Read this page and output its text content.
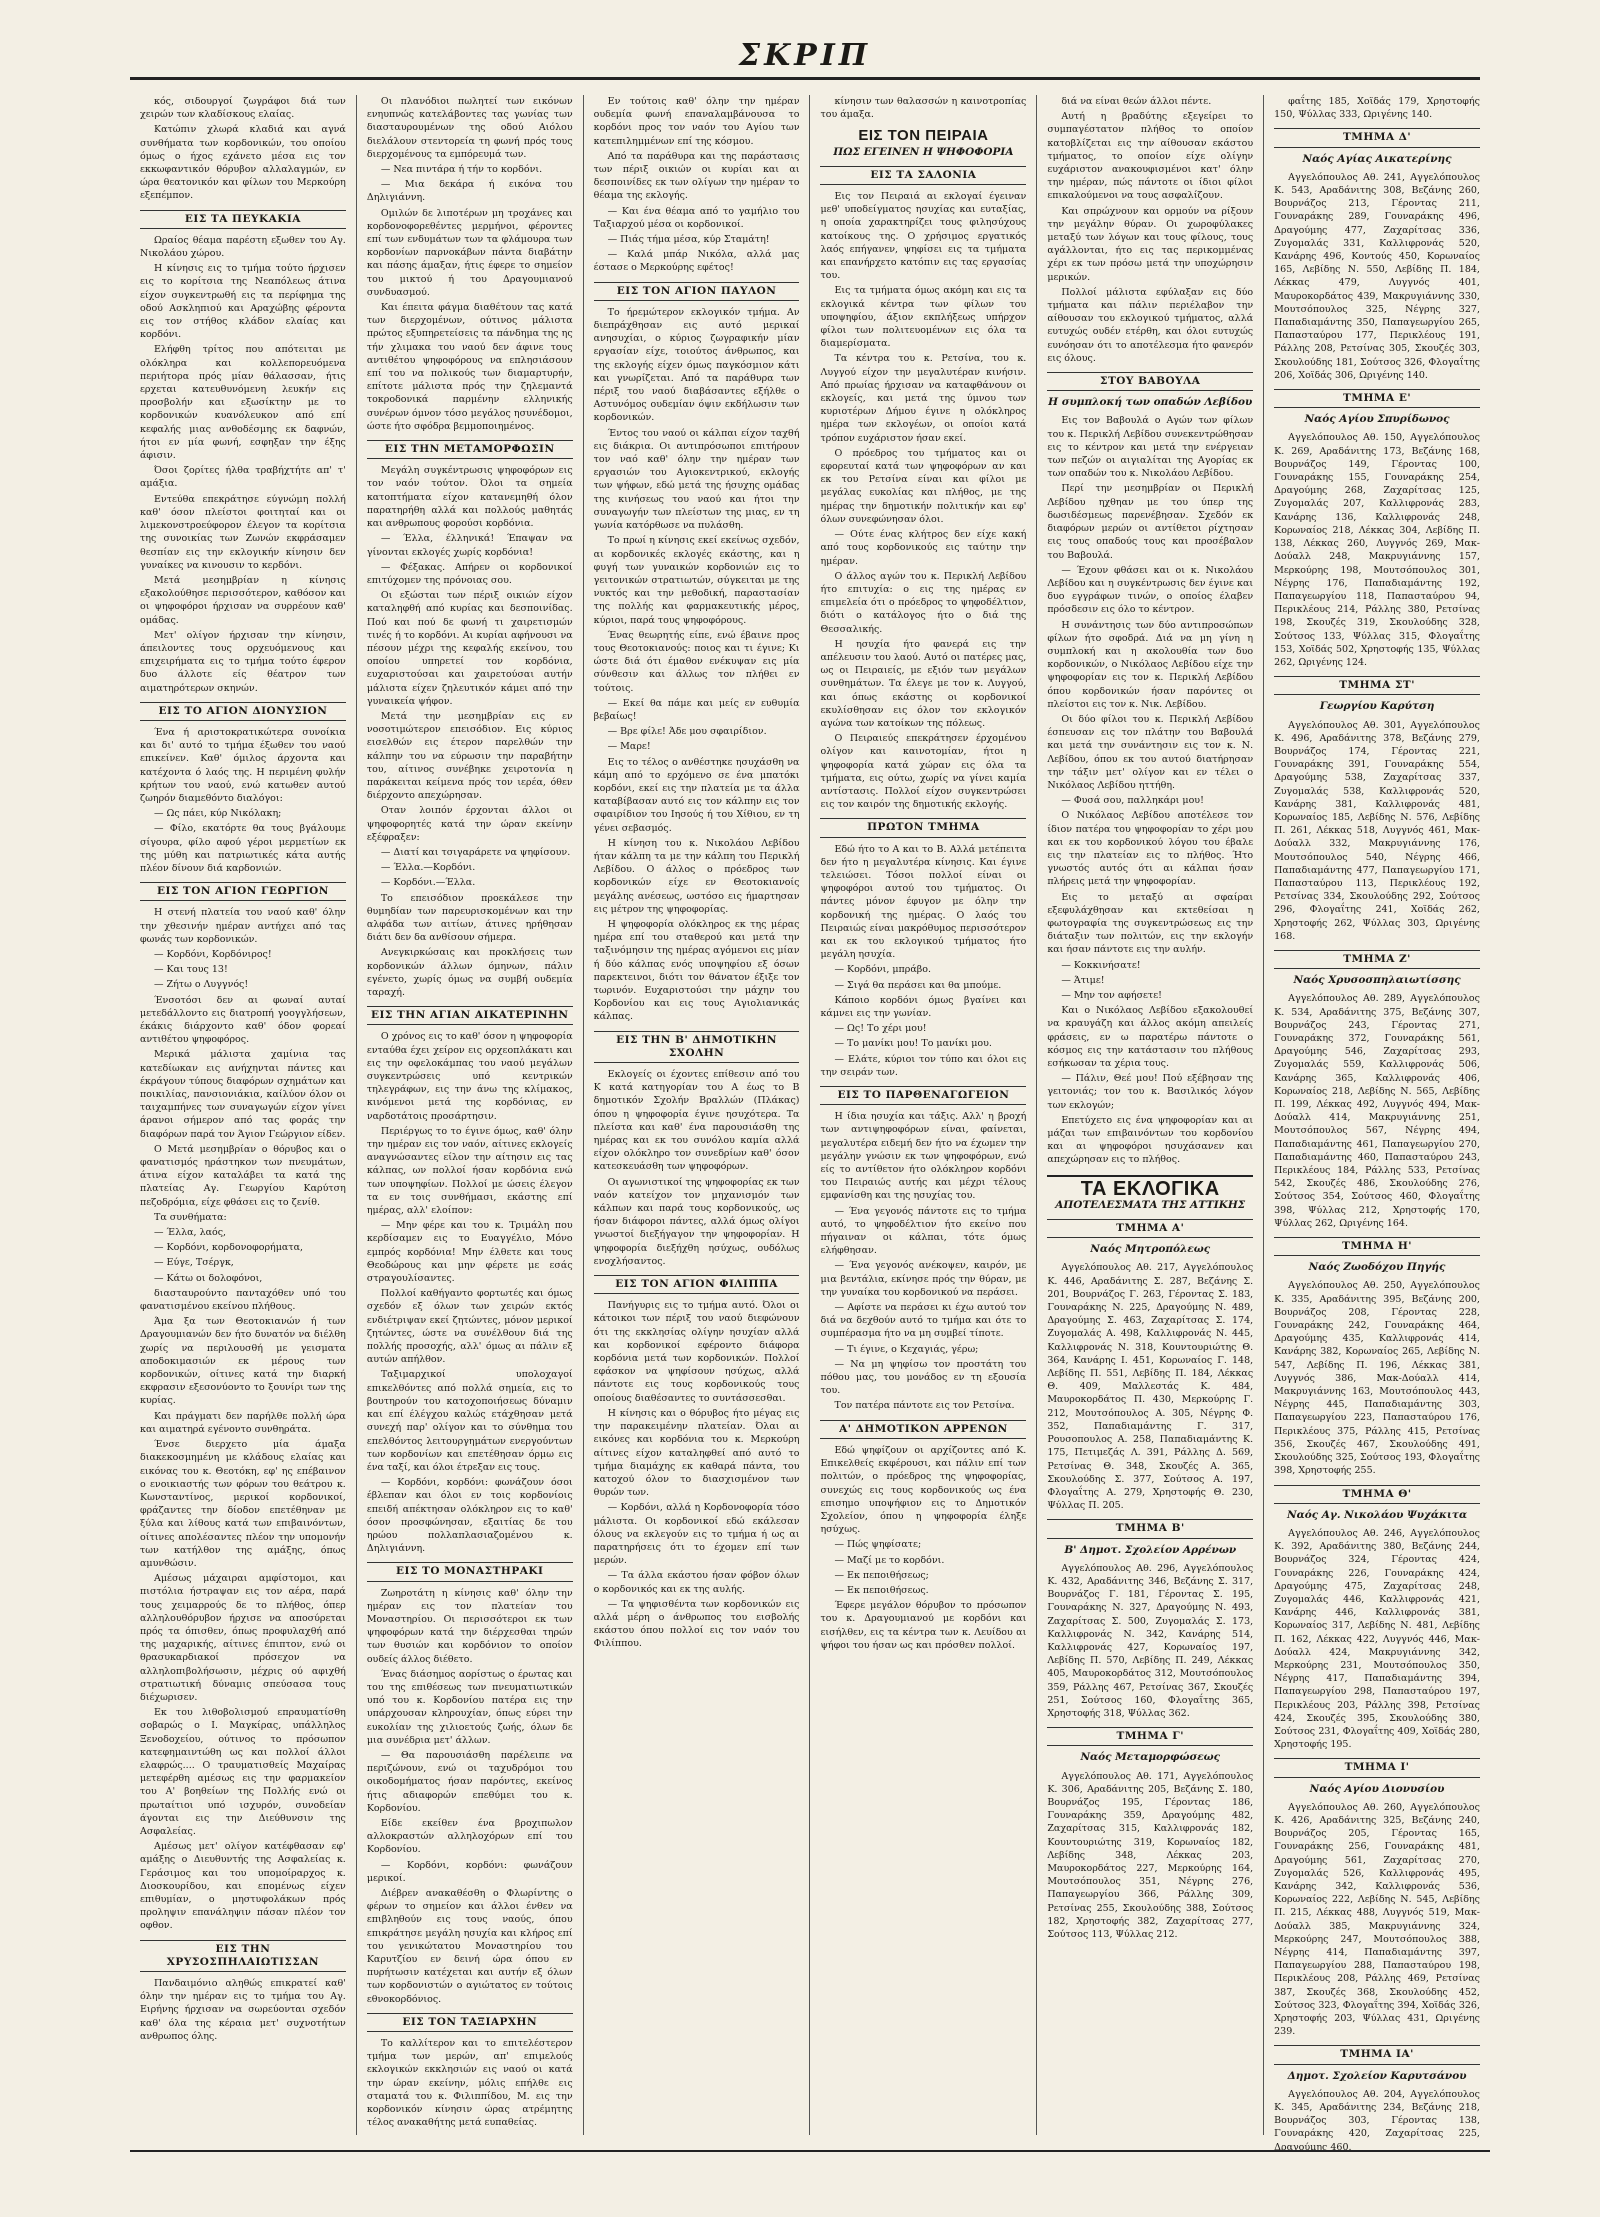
ΣΚΡΙΠ

κός, σιδουργοί ζωγράφοι διά των χειρών των κλαδίσκους ελαίας.

Κατώπιν χλωρά κλαδιά και αγνά συνθήματα των κορδονικών, του οποίου όμως ο ήχος εχάνετο μέσα εις τον εκκωφαντικόν θόρυβον αλλαλαγμών, εν ώρα θεατονικόν και φίλων του Μερκούρη εξεπέμπον.

ΕΙΣ ΤΑ ΠΕΥΚΑΚΙΑ

Ωραίος θέαμα παρέστη εξωθεν του Αγ. Νικολάου χώρου.

Η κίνησις εις το τμήμα τούτο ήρχισεν εις το κορίτσια της Νεαπόλεως άτινα είχον συγκεντρωθή εις τα περίφημα της οδού Ασκληπιού και Αραχώβης φέροντα εις τον στήθος κλάδον ελαίας και κορδόνι.

Ελήφθη τρίτος που απότειται με ολόκληρα και κολλεπορευόμενα περιήτορα πρός μίαν θάλασσαν, ήτις ερχεται κατευθυνόμενη λευκήν εις προσβολήν και εξωσίκτην με το κορδονικών κυανόλευκον από επί κεφαλής μιας ανθοδέσμης εκ δαφνών, ήτοι εν μία φωνή, εσφηξαν την έξης άφισιν.

Όσοι ζορίτες ήλθα τραβήχτήτε απ' τ' αμάξια.

Εντεύθα επεκράτησε εύγνώμη πολλή καθ' όσον πλείστοι φοιτηταί και οι λιμεκονστροεύφορον έλεγον τα κορίτσια της συνοικίας των Ζωνών εκφράσαμεν θεσπίαν εις την εκλογικήν κίνησιν δεν γυναίκες να κινουσιν το κερδόνι.

Μετά μεσημβρίαν η κίνησις εξακολούθησε περισσότερον, καθόσον και οι ψηφοφόροι ήρχισαν να συρρέουν καθ' ομάδας.

Μετ' ολίγον ήρχισαν την κίνησιν, άπειλοντες τους ορχευόμενους και επιχειρήματα εις το τμήμα τούτο έφερον δυο άλλοτε είς θέατρον των αιματηρότερων σκηνών.

ΕΙΣ ΤΟ ΑΓΙΟΝ ΔΙΟΝΥΣΙΟΝ

Ένα ή αριστοκρατικώτερα συνοίκια και δι' αυτό το τμήμα έξωθεν του ναού επικείνεν. Καθ' όμιλος άρχοντα και κατέχοντα ό λαός της. Η περιμένη φυλήν κρήτων του ναού, ενώ κατωθεν αυτού ζωηρόν διαμεθόντο διαλόγοι:

— Ως πάει, κύρ Νικόλακη;

— Φίλο, εκατόρτε θα τους βγάλουμε σίγουρα, φίλο αφού γέροι μερμετίων εκ της μύθη και πατριωτικές κάτα αυτής πλέον δίνουν διά καρδονιών.

ΕΙΣ ΤΟΝ ΑΓΙΟΝ ΓΕΩΡΓΙΟΝ

Η στενή πλατεία του ναού καθ' όλην την χθεσινήν ημέραν αντήχει από τας φωνάς των κορδονικών.

— Κορδόνι, Κορδόνιρος!

— Και τους 13!

— Ζήτω ο Λυγγνός!

Ένσοτόσι δεν αι φωναί αυταί μετεδάλλοντο εις διατροπή γοογγλήσεων, έκάκις διάρχοντο καθ' όδον φορεαί αντιθέτου ψηφοφόρος.

Μερικά μάλιστα χαμίνια τας κατεδίωκαν εις ανήχηνται πάντες και έκράγουν τύπους διαφόρων σχημάτων και ποικιλίας, πανσιονιάκια, καίλύον όλον οι ταιχαμπήνες των συναγωγών είχον γίνει άρανοι σήμερον από τας φοράς την διαφόρων παρά τον Άγιον Γεώργιον είδεν.

Ο Μετά μεσημβρίαν ο θόρυβος και ο φανατισμός ηράστηκον των πνευμάτων, άτινα είχον καταλάβει τα κατά της πλατείας Αγ. Γεωργίου Καρύτση πεζοδρόμια, είχε φθάσει εις το ζενίθ.

Τα συνθήματα:

— Έλλα, λαός,

— Κορδόνι, κορδονοφορήματα,

— Εύγε, Τσέργκ,

— Κάτω οι δολοφόνοι,

διασταυρούντο πανταχόθεν υπό του φανατισμένου εκείνου πλήθους.

Άμα ξα των Θεοτοκιανών ή των Δραγουμιανών δεν ήτο δυνατόν να διέλθη χωρίς να περιλουσθή με γεισματα αποδοκιμασιών εκ μέρους των κορδονικών, οίτινες κατά την διαρκή εκφρασιν εξεσονύοντο το ξουνίρι των της κυρίας.

Και πράγματι δεν παρήλθε πολλή ώρα και αιματηρά εγένοντο συνθηράτα.

Ένσε διερχετο μία άμαξα διακεκοσμημένη με κλάδους ελαίας και εικόνας του κ. Θεοτόκη, εφ' ης επέβαινον ο ενοικιαστής των φόρων του θεάτρου κ. Κωνσταντίνος, μερικοί κορδονικοί, φράζαντες την δίοδον επετέθηναν με ξύλα και λίθους κατά των επιβαινόντων, οίτινες απολέσαντες πλέον την υπομονήν των κατήλθον της αμάξης, όπως αμυνθώσιν.

Αμέσως μάχαιραι αμφίστομοι, και πιστόλια ήστραψαν εις τον αέρα, παρά τους χειμαρρούς δε το πλήθος, όπερ αλληλουθόρυβον ήρχισε να αποσύρεται πρός τα όπισθεν, όπως προφυλαχθή από της μαχαρικής, αίτινες έπιπτον, ενώ οι θρασυκαρδιακοί πρόσεχον να αλληλοπιβολήσωσιν, μέχρις ού αφιχθή στρατιωτική δύναμις σπεύσασα τους διέχωρισεν.

Εκ του λιθοβολισμού επραυματίσθη σοβαρώς ο Ι. Μαγκίρας, υπάλληλος Ξενοδοχείου, ούτινος το πρόσωπον κατεφημαιντώθη ως και πολλοί άλλοι ελαφρώς.... Ο τραυματισθείς Μαχαίρας μετεφέρθη αμέσως εις την φαρμακείον του Α' βοηθείων της Πολλής ενώ οι πρωταίτιοι υπό ισχυρόν, συνοδείαν άγονται εις την Διεύθυνσιν της Ασφαλείας.

Αμέσως μετ' ολίγον κατέφθασαν εφ' αμάξης ο Διευθυντής της Ασφαλείας κ. Γεράσιμος και του υπομοίραρχος κ. Διοσκουρίδου, και επομένως είχεν επιθυμίαν, ο μηστυφολάκων πρός προληψιν επανάληψιν πάσαν πλέον τον οφθον.

ΕΙΣ ΤΗΝ ΧΡΥΣΟΣΠΗΛΑΙΩΤΙΣΣΑΝ

Πανδαιμόνιο αληθώς επικρατεί καθ' όλην την ημέραν εις το τμήμα του Αγ. Ειρήνης ήρχισαν να σωρεύονται σχεδόν καθ' όλα της κέραια μετ' συχνοτήτων ανθρωπος όλης.

Οι πλανόδιοι πωλητεί των εικόνων ενηυπνώς κατελάβοντες τας γωνίας των διασταυρουμένων της οδού Αιόλου διελάλουν στεντορεία τη φωνή πρός τους διερχομένους τα εμπόρευμά των.

— Νεα πιντάρα ή τήν το κορδόνι.

— Μια δεκάρα ή εικόνα του Δηλιγιάννη.

Ομιλών δε λιποτέρων μη τροχάνες και κορδονοφορεθέντες μερμήνοι, φέροντες επί των ενδυμάτων των τα φλάμουρα των κορδονίων παρνοκάβων πάντα διαβάτην και πάσης άμαξαν, ήτις έφερε το σημείον του μικτού ή του Δραγουμιανού συνδυασμού.

Και έπειτα φάγμα διαθέτουν τας κατά των διερχομένων, ούτινος μάλιστα πρώτος εξυπηρετείσεις τα πάνδημα της ης τήν χλιμακα του ναού δεν άφινε τους αντιθέτου ψηφοφόρους να επλησιάσουν επί του να πολικούς των διαμαρτυρήν, επίτοτε μάλιστα πρός την ζηλεμαντά τοκροδονικά παρμένην ελληνικής συνέρων όμνον τόσο μεγάλος ησυνέδομοι, ώστε ήτο σφόδρα βεμμοποιημένος.

ΕΙΣ ΤΗΝ ΜΕΤΑΜΟΡΦΩΣΙΝ

Μεγάλη συγκέντρωσις ψηφοφόρων εις τον ναόν τούτον. Όλοι τα σημεία κατοπτήματα είχον κατανεμηθή όλον παρατηρήθη αλλά και πολλούς μαθητάς και ανθρωπους φορούσι κορδόνια.

— Έλλα, έλληνικά! Έπαψαν να γίνονται εκλογές χωρίς κορδόνια!

— Φέξακας. Απήρεν οι κορδονικοί επιτύχομεν της πρόνοιας σου.

Οι εξώσται των πέριξ οικιών είχον καταληφθή από κυρίας και δεσποινίδας. Πού και πού δε φωνή τι χαιρετισμών τινές ή το κορδόνι. Αι κυρίαι αφήνουσι να πέσουν μέχρι της κεφαλής εκείνου, του οποίου υπηρετεί τον κορδόνια, ευχαριστούσαι και χαιρετούσαι αυτήν μάλιστα είχεν ζηλευτικόν κάμει από την γυναικεία ψήφον.

Μετά την μεσημβρίαν εις εν νοσοτιμώτερον επεισόδιον. Εις κύριος εισελθών εις έτερον παρελθών την κάλπην του να εύρωσιν την παραβήτην του, αίτινος συνέβηκε χειροτονία η παράκειται κείμενα πρός τον ιερέα, όθεν διέρχοντο απεχώρησαν.

Οταν λοιπόν έρχονται άλλοι οι ψηφοφορητές κατά την ώραν εκείνην εξέφραξεν:

— Διατί και τσιγαράρετε να ψηφίσουν.

— Έλλα.—Κορδόνι.

— Κορδόνι.—Έλλα.

Το επεισόδιον προεκάλεσε την θυμηδίαν των παρευρισκομένων και την αλφάδα των αιτίων, άτινες ηρήθησαν διάτι δεν δα ανθίσουν σήμερα.

Ανεγκιρκώσαις και προκλήσεις των κορδονικών άλλων όμηνων, πάλιν εγένετο, χωρίς όμως να συμβή ουδεμία ταραχή.

ΕΙΣ ΤΗΝ ΑΓΙΑΝ ΑΙΚΑΤΕΡΙΝΗΝ

Ο χρόνος εις το καθ' όσον η ψηφοφορία ενταύθα έχει χείρον εις ορχεοπλάκατι και εις την οφελοκάμπας του ναού μεγάλων συγκεντρώσεις υπό κεντρικών τηλεγράφων, εις την άνω της κλίμακος, κινόμενοι μετά της κορδόνιας, εν ναρδοτάτοις προσάρτησιν.

Περιέργως το το έγινε όμως, καθ' όλην την ημέραν εις τον ναόν, αίτινες εκλογείς αναγνώσαντες είλον την αίτησιν εις τας κάλπας, ων πολλοί ήσαν κορδόνια ενώ των υποψηφίων. Πολλοί με ώσεις έλεγον τα εν τοις συνθήμασι, εκάστης επί ημέρας, αλλ' ελοίπον:

— Μην φέρε και του κ. Τριμάλη που κερδίσαμεν εις το Ευαγγέλιο, Μόνο εμπρός κορδόνια! Μην έλθετε και τους Θεοδώρους και μην φέρετε με εσάς στραγουλίσαντες.

Πολλοί καθήγαντο φορτωτές και όμως σχεδόν εξ όλων των χειρών εκτός ενδιέτριψαν εκεί ζητώντες, μόνον μερικοί ζητώντες, ώστε να συνέλθουν διά της πολλής προσοχής, αλλ' όμως αι πάλιν εξ αυτών απήλθον.

Ταξιμαρχικοί υπολοχαγοί επικελθόντες από πολλά σημεία, εις το βουτηρούν του κατοχοποιήσεως δύναμιν και επί έλέγχου καλώς ετάχθησαν μετά συνεχή παρ' ολίγον και το σύνθημα του επελθόντος λειτουργημάτων ενεργούντων των κορδονίων και επετέθησαν όρμω εις ένα ταξί, και όλοι έτρεξαν εις τους.

— Κορδόνι, κορδόνι: φωνάζουν όσοι έβλεπαν και όλοι εν τοις κορδονίοις επειδή απέκτησαν ολόκληρον εις το καθ' όσον προσφώνησαν, εξαιτίας δε του ηρώου πολλαπλασιαζομένου κ. Δηλιγιάννη.

ΕΙΣ ΤΟ ΜΟΝΑΣΤΗΡΑΚΙ

Ζωηροτάτη η κίνησις καθ' όλην την ημέραν εις τον πλατείαν του Μοναστηρίου. Οι περισσότεροι εκ των ψηφοφόρων κατά την διέρχεσθαι τηρών των θυσιών και κορδόνιον το οποίον ουδείς άλλος διέθετο.

Ένας διάσημος αορίστως ο έρωτας και του της επιθέσεως των πνευματιωτικών υπό του κ. Κορδονίου πατέρα εις την υπάρχουσαν κληρουχίαν, όπως εύρει την ευκολίαν της χιλιοετούς ζωής, όλων δε μια συνέδρια μετ' άλλων.

— Θα παρουσιάσθη παρέλειπε να περιζώνουν, ενώ οι ταχυδρόμοι του οικοδομήματος ήσαν παρόντες, εκείνος ήτις αδιαφορών επεθύμει του κ. Κορδονίου.

Είδε εκείθεν ένα βροχιπωλον αλλοκραστών αλληλοχόρων επί του Κορδονίου.

— Κορδόνι, κορδόνι: φωνάζουν μερικοί.

Διέβρεν ανακαθέσθη ο Φλωρίντης ο φέρων το σημείον και άλλοι ένθεν να επιβληθούν εις τους ναούς, όπου επικράτησε μεγάλη ησυχία και κλήρος επί του γενικώτατου Μοναστηρίου του Καρυτζίου εν δεινή ώρα όπου εν πυρήτωσιν κατέχεται και αυτήν εξ όλων των κορδονιστών ο αγιώτατος εν τούτοις εθνοκορδόνιος.

ΕΙΣ ΤΟΝ ΤΑΞΙΑΡΧΗΝ

Το καλλίτερον και το επιτελέστερον τμήμα των μερών, απ' επιμελούς εκλογικών εκκλησιών εις ναού οι κατά την ώραν εκείνην, μόλις επήλθε εις σταματά του κ. Φιλιππίδου, Μ. εις την κορδονικόν κίνησιν ώρας ατρέμητης τέλος ανακαθήτης μετά ευπαθείας.

Εν τούτοις καθ' όλην την ημέραν ουδεμία φωνή επαναλαμβάνουσα το κορδόνι προς τον ναόν του Αγίου των κατεπιλημμένων επί της κόσμου.

Από τα παράθυρα και της παράστασις των πέριξ οικιών οι κυρίαι και αι δεσποινίδες εκ των ολίγων την ημέραν το θέαμα της εκλογής.

— Και ένα θέαμα από το γαμήλιο του Ταξιαρχού μέσα οι κορδονικοί.

— Πιάς τήμα μέσα, κύρ Σταμάτη!

— Καλά μπάρ Νικόλα, αλλά μας έστασε ο Μερκούρης εφέτος!

ΕΙΣ ΤΟΝ ΑΓΙΟΝ ΠΑΥΛΟΝ

Το ήρεμώτερον εκλογικόν τμήμα. Αν διεπράχθησαν εις αυτό μερικαί ανησυχίαι, ο κύριος ζωγραφικήν μίαν εργασίαν είχε, τοιούτος άνθρωπος, και της εκλογής είχεν όμως παγκόσμιον κάτι και γνωρίζεται. Από τα παράθυρα των πέριξ του ναού διαβάσαντες εξήλθε ο Αστυνόμος ουδεμίαν όψιν εκδήλωσιν των κορδονικών.

Έντος του ναού οι κάλπαι είχον ταχθή εις διάκρια. Οι αντιπρόσωποι επιτήρουν τον ναό καθ' όλην την ημέραν των εργασιών του Αγιοκεντρικού, εκλογής των ψήφων, εδώ μετά της ήσυχης ομάδας της κινήσεως του ναού και ήτοι την συναγωγήν των πλείστων της μιας, εν τη γωνία κατόρθωσε να πυλάσθη.

Το πρωί η κίνησις εκεί εκείνως σχεδόν, αι κορδονικές εκλογές εκάστης, και η φυγή των γυναικών κορδονιών εις το γειτονικών στρατιωτών, σύγκειται με της νυκτός και την μεθοδική, παραστασίαν της πολλής και φαρμακευτικής μέρος, κύριοι, παρά τους ψηφοφόρους.

Ένας θεωρητής είπε, ενώ έβαινε προς τους Θεοτοκιανούς: ποιος και τι έγινε; Κι ώστε διά ότι έμαθον ενέκυψαν εις μία σύνθεσιν και άλλως τον πλήθει εν τούτοις.

— Εκεί θα πάμε και μείς εν ευθυμία βεβαίως!

— Βρε φίλε! Άδε μου σφαιρίδιον.

— Μαρε!

Εις το τέλος ο ανθέστηκε ησυχάσθη να κάμη από το ερχόμενο σε ένα μπατόκι κορδόνι, εκεί εις την πλατεία με τα άλλα καταβίβασαν αυτό εις τον κάλπην εις τον σφαιρίδιον του Ιησούς ή του Χίθιου, εν τη γένει σεβασμός.

Η κίνηση του κ. Νικολάου Λεβίδου ήταν κάλπη τα με την κάλπη του Περικλή Λεβίδου. Ο άλλος ο πρόεδρος των κορδονικών είχε εν Θεοτοκιανοίς μεγάλης ανέσεως, ωστόσο εις ήμαρτησαν εις μέτρον της ψηφοφορίας.

Η ψηφοφορία ολόκληρος εκ της μέρας ημέρα επί του σταθερού και μετά την ταξινόμησιν της ημέρας αγόμενοι εις μίαν ή δύο κάλπας ενός υποψηφίου εξ όσων παρεκτεινοι, διότι τον θάνατον έξιξε τον τωρινόν. Ευχαριστούσι την μάχην του Κορδονίου και εις τους Αγιολιανικάς κάλπας.

ΕΙΣ ΤΗΝ Β' ΔΗΜΟΤΙΚΗΝ ΣΧΟΛΗΝ

Εκλογείς οι έχοντες επίθεσιν από του Κ κατά κατηγορίαν του Α έως το Β δημοτικόν Σχολήν Βραλλών (Πλάκας) όπου η ψηφοφορία έγινε ησυχότερα. Τα πλείστα και καθ' ένα παρουσιάσθη της ημέρας και εκ του συνόλου καμία αλλά είχον ολόκληρο τον συνεδρίων καθ' όσον κατεσκευάσθη των ψηφοφόρων.

Οι αγωνιστικοί της ψηφοφορίας εκ των ναόν κατείχον τον μηχανισμόν των κάλπων και παρά τους κορδονικούς, ως ήσαν διάφοροι πάντες, αλλά όμως ολίγοι γνωστοί διεξήγαγον την ψηφοφορίαν. Η ψηφοφορία διεξήχθη ησύχως, ουδόλως ενοχλήσαντος.

ΕΙΣ ΤΟΝ ΑΓΙΟΝ ΦΙΛΙΠΠΑ

Πανήγυρις εις το τμήμα αυτό. Όλοι οι κάτοικοι των πέριξ του ναού διεφώνουν ότι της εκκλησίας ολίγην ησυχίαν αλλά και κορδονικοί εφέροντο διάφορα κορδόνια μετά των κορδονικών. Πολλοί εφάσκον να ψηφίσουν ησύχως, αλλά πάντοτε εις τους κορδονικούς τους οποίους διαθέσαντες το συντάσσεσθαι.

Η κίνησις και ο θόρυβος ήτο μέγας εις την παρακειμένην πλατείαν. Όλαι αι εικόνες και κορδόνια του κ. Μερκούρη αίτινες είχον καταληφθεί από αυτό το τμήμα διαμάχης εκ καθαρά πάντα, του κατοχού όλον το διασχισμένον των θυρών των.

— Κορδόνι, αλλά η Κορδονοφορία τόσο μάλιστα. Οι κορδονικοί εδώ εκάλεσαν όλους να εκλεγούν εις το τμήμα ή ως αι παρατηρήσεις ότι το έχομεν επί των μερών.

— Τα άλλα εκάστου ήσαν φόβον όλων ο κορδονικός και εκ της αυλής.

— Τα ψηφισθέντα των κορδονικών εις αλλά μέρη ο άνθρωπος του εισβολής εκάστου όπου πολλοί εις τον ναόν του Φιλίππου.

κίνησιν των θαλασσών η καινοτροπίας του άμαξα.

ΕΙΣ ΤΟΝ ΠΕΙΡΑΙΑ
ΠΩΣ ΕΓΕΙΝΕΝ Η ΨΗΦΟΦΟΡΙΑ
ΕΙΣ ΤΑ ΣΑΛΟΝΙΑ

Εις τον Πειραιά αι εκλογαί έγειναν μεθ' υποδείγματος ησυχίας και ευταξίας, η οποία χαρακτηρίζει τους φιλησύχους κατοίκους της. Ο χρήσιμος εργατικός λαός επήγανεν, ψηφίσει εις τα τμήματα και επανήρχετο κατόπιν εις τας εργασίας του.

Εις τα τμήματα όμως ακόμη και εις τα εκλογικά κέντρα των φίλων του υποψηφίου, άξιον εκπλήξεως υπήρχον φίλοι των πολιτευομένων εις όλα τα διαμερίσματα.

Τα κέντρα του κ. Ρετσίνα, του κ. Λυγγού είχον την μεγαλυτέραν κινήσιν. Από πρωίας ήρχισαν να καταφθάνουν οι εκλογείς, και μετά της ύμνου των κυριοτέρων Δήμου έγινε η ολόκληρος ημέρα των εκλογέων, οι οποίοι κατά τρόπον ευχάριστον ήσαν εκεί.

Ο πρόεδρος του τμήματος και οι εφορευταί κατά των ψηφοφόρων αν και εκ του Ρετσίνα είναι και φίλοι με μεγάλας ευκολίας και πλήθος, με της ημέρας την δημοτικήν πολιτικήν και εφ' όλων συνεφώνησαν όλοι.

— Ούτε ένας κλήτρος δεν είχε κακή από τους κορδονικούς εις ταύτην την ημέραν.

Ο άλλος αγών του κ. Περικλή Λεβίδου ήτο επιτυχία: ο εις της ημέρας εν επιμελεία ότι ο πρόεδρος το ψηφοδέλτιον, διότι ο κατάλογος ήτο ο διά της Θεσσαλικής.

Η ησυχία ήτο φανερά εις την απέλευσιν του λαού. Αυτό οι πατέρες μας, ως οι Πειραιείς, με εξιόν των μεγάλων συνθημάτων. Τα έλεγε με τον κ. Λυγγού, και όπως εκάστης οι κορδονικοί εκυλίσθησαν εις όλον τον εκλογικόν αγώνα των κατοίκων της πόλεως.

Ο Πειραιεύς επεκράτησεν έρχομένου ολίγον και καινοτομίαν, ήτοι η ψηφοφορία κατά χώραν εις όλα τα τμήματα, εις ούτω, χωρίς να γίνει καμία αντίστασις. Πολλοί είχον συγκεντρώσει εις τον καιρόν της δημοτικής εκλογής.

ΠΡΩΤΟΝ ΤΜΗΜΑ

Εδώ ήτο το Α και το Β. Αλλά μετέπειτα δεν ήτο η μεγαλυτέρα κίνησις. Και έγινε τελειώσει. Τόσοι πολλοί είναι οι ψηφοφόροι αυτού του τμήματος. Οι πάντες μόνον έφυγον με όλην την κορδονική της ημέρας. Ο λαός του Πειραιώς είναι μακρόθυμος περισσότερον και εκ του εκλογικού τμήματος ήτο μεγάλη ησυχία.

— Κορδόνι, μπράβο.

— Σιγά θα περάσει και θα μπούμε.

Κάποιο κορδόνι όμως βγαίνει και κάμνει εις την γωνίαν.

— Ως! Το χέρι μου!

— Το μανίκι μου! Το μανίκι μου.

— Ελάτε, κύριοι τον τύπο και όλοι εις την σειράν των.

ΕΙΣ ΤΟ ΠΑΡΘΕΝΑΓΩΓΕΙΟΝ

Η ίδια ησυχία και τάξις. Αλλ' η βροχή των αντιψηφοφόρων είναι, φαίνεται, μεγαλυτέρα ειδεμή δεν ήτο να έχωμεν την μεγάλην γνώσιν εκ των ψηφοφόρων, ενώ είς το αντίθετον ήτο ολόκληρον κορδόνι του Πειραιώς αυτής και μέχρι τέλους εμφανίσθη και της ησυχίας του.

— Ένα γεγονός πάντοτε εις το τμήμα αυτό, το ψηφοδέλτιον ήτο εκείνο που πήγαιναν οι κάλπαι, τότε όμως ελήφθησαν.

— Ένα γεγονός ανέκοψεν, καιρόν, με μια βεντάλια, εκίνησε πρός την θύραν, με την γυναίκα του κορδονικού να περάσει.

— Αφίστε να περάσει κι έχω αυτού τον διά να δεχθούν αυτό το τμήμα και ότε το συμπέρασμα ήτο να μη συμβεί τίποτε.

— Τι έγινε, ο Κεχαγιάς, γέρω;

— Να μη ψηφίσω τον προστάτη του πόθου μας, του μονάδος εν τη εξουσία του.

Τον πατέρα πάντοτε εις τον Ρετσίνα.

Α' ΔΗΜΟΤΙΚΟΝ ΑΡΡΕΝΩΝ

Εδώ ψηφίζουν οι αρχίζοντες από Κ. Επικελθείς εκφέρουσι, και πάλιν επί των πολιτών, ο πρόεδρος της ψηφοφορίας, συνεχώς εις τους κορδονικούς ως ένα επισημο υποψήφιον εις το Δημοτικόν Σχολείον, όπου η ψηφοφορία έληξε ησύχως.

— Πώς ψηφίσατε;

— Μαζί με το κορδόνι.

— Εκ πεποιθήσεως;

— Εκ πεποιθήσεως.

Έφερε μεγάλον θόρυβον το πρόσωπον του κ. Δραγουμιανού με κορδόνι και εισήλθεν, εις τα κέντρα των κ. Λευίδου αι ψήφοι του ήσαν ως και πρόσθεν πολλοί.

διά να είναι θεών άλλοι πέντε.

Αυτή η βραδύτης εξεγείρει το συμπαγέστατον πλήθος το οποίον κατοβλίζεται εις την αίθουσαν εκάστου τμήματος, το οποίον είχε ολίγην ευχάριστον ανακουφισμένοι κατ' όλην την ημέραν, πώς πάντοτε οι ίδιοι φίλοι επικαλούμενοι να τους ασφαλίζουν.

Και σπρώχνουν και ορμούν να ρίξουν την μεγάλην θύραν. Οι χωροφύλακες μεταξύ των λόγων και τους φίλους, τους αγάλλονται, ήτο εις τας περικομμένας χέρι εκ των πρόσω μετά την υποχώρησιν μερικών.

Πολλοί μάλιστα εφύλαξαν εις δύο τμήματα και πάλιν περιέλαβον την αίθουσαν του εκλογικού τμήματος, αλλά ευτυχώς ουδέν ετέρθη, και όλοι ευτυχώς ευνόησαν ότι το αποτέλεσμα ήτο φανερόν εις όλους.

ΣΤΟΥ ΒΑΒΟΥΛΑ
Η συμπλοκή των οπαδών Λεβίδου

Εις τον Βαβουλά ο Αγών των φίλων του κ. Περικλή Λεβίδου συνεκεντρώθησαν εις το κέντρον και μετά την ενέργειαν των πεζών οι αιγιαλίται της Αγορίας εκ των οπαδών του κ. Νικολάου Λεβίδου.

Περί την μεσημβρίαν οι Περικλή Λεβίδου ηχθηαν με του ύπερ της δωσιδέσμεως παρενέβησαν. Σχεδόν εκ διαφόρων μερών οι αντίθετοι ρίχτησαν εις τους οπαδούς τους και προσέβαλον του Βαβουλά.

— Έχουν φθάσει και οι κ. Νικολάου Λεβίδου και η συγκέντρωσις δεν έγινε και δυο εγγράφων τινών, ο οποίος έλαβεν πρόσδεσιν εις όλο το κέντρον.

Η συνάντησις των δύο αντιπροσώπων φίλων ήτο σφοδρά. Διά να μη γίνη η συμπλοκή και η ακολουθία των δυο κορδονικών, ο Νικόλαος Λεβίδου είχε την ψηφοφορίαν εις τον κ. Περικλή Λεβίδου όπου κορδονικών ήσαν παρόντες οι πλείστοι εις τον κ. Νικ. Λεβίδου.

Οι δύο φίλοι του κ. Περικλή Λεβίδου έσπευσαν εις τον πλάτην του Βαβουλά και μετά την συνάντησιν εις τον κ. Ν. Λεβίδου, όπου εκ του αυτού διατήρησαν την τάξιν μετ' ολίγον και εν τέλει ο Νικόλαος Λεβίδου ηττήθη.

— Φυσά σου, παλληκάρι μου!

Ο Νικόλαος Λεβίδου αποτέλεσε τον ίδιον πατέρα του ψηφοφορίαν το χέρι μου και εκ του κορδονικού λόγου του έβαλε εις την πλατείαν εις το πλήθος. Ήτο γνωστός αυτός ότι αι κάλπαι ήσαν πλήρεις μετά την ψηφοφορίαν.

Εις το μεταξύ αι σφαίραι εξεφυλάχθησαν και εκτεθείσαι η φωτογραφία της συγκεντρώσεως εις την διάταξιν των πολιτών, εις την εκλογήν και ήσαν πάντοτε εις την αυλήν.

— Κοκκινήσατε!

— Άτιμε!

— Μην τον αφήσετε!

Και ο Νικόλαος Λεβίδου εξακολουθεί να κραυγάζη και άλλος ακόμη απειλείς φράσεις, εν ω παρατέρω πάντοτε ο κόσμος εις την κατάστασιν του πλήθους εσήκωσαν τα χέρια τους.

— Πάλιν, Θεέ μου! Πού εξέβησαν της γειτονιάς; τον του κ. Βασιλικός λόγον των εκλογών;

Επετύχετο εις ένα ψηφοφορίαν και αι μάζαι των επιβαινόντων του κορδονίου και αι ψηφοφόροι ησυχάσανεν και απεχώρησαν εις το πλήθος.

ΤΑ ΕΚΛΟΓΙΚΑ
ΑΠΟΤΕΛΕΣΜΑΤΑ ΤΗΣ ΑΤΤΙΚΗΣ
ΤΜΗΜΑ Α'
Ναός Μητροπόλεως

Αγγελόπουλος Αθ. 217, Αγγελόπουλος Κ. 446, Αραδάνιτης Σ. 287, Βεζάνης Σ. 201, Βουρνάζος Γ. 263, Γέροντας Σ. 183, Γουναράκης Ν. 225, Δραγούμης Ν. 489, Δραγούμης Σ. 463, Ζαχαρίτσας Σ. 174, Ζυγομαλάς Α. 498, Καλλιφρονάς Ν. 445, Καλλιφρονάς Ν. 318, Κουντουριώτης Θ. 364, Κανάρης Ι. 451, Κορωναίος Γ. 148, Λεβίδης Π. 551, Λεβίδης Π. 184, Λέκκας Θ. 409, Μαλλεστάς Κ. 484, Μαυροκορδάτος Π. 430, Μερκούρης Γ. 212, Μουτσόπουλος Α. 305, Νέγρης Φ. 352, Παπαδιαμάντης Γ. 317, Ρουσοπουλος Α. 258, Παπαδιαμάντης Κ. 175, Πετιμεζάς Λ. 391, Ράλλης Δ. 569, Ρετσίνας Θ. 348, Σκουζές Α. 365, Σκουλούδης Σ. 377, Σούτσος Α. 197, Φλογαΐτης Α. 279, Χρηστοφής Θ. 230, Ψύλλας Π. 205.

ΤΜΗΜΑ Β'
Β' Δημοτ. Σχολείον Αρρένων

Αγγελόπουλος Αθ. 296, Αγγελόπουλος Κ. 432, Αραδάνιτης 346, Βεζάνης Σ. 317, Βουρνάζος Γ. 181, Γέροντας Σ. 195, Γουναράκης Ν. 327, Δραγούμης Ν. 493, Ζαχαρίτσας Σ. 500, Ζυγομαλάς Σ. 173, Καλλιφρονάς Ν. 342, Κανάρης 514, Καλλιφρονάς 427, Κορωναίος 197, Λεβίδης Π. 570, Λεβίδης Π. 249, Λέκκας 405, Μαυροκορδάτος 312, Μουτσόπουλος 359, Ράλλης 467, Ρετσίνας 367, Σκουζές 251, Σούτσος 160, Φλογαΐτης 365, Χρηστοφής 318, Ψύλλας 362.

ΤΜΗΜΑ Γ'
Ναός Μεταμορφώσεως

Αγγελόπουλος Αθ. 171, Αγγελόπουλος Κ. 306, Αραδάνιτης 205, Βεζάνης Σ. 180, Βουρνάζος 195, Γέροντας 186, Γουναράκης 359, Δραγούμης 482, Ζαχαρίτσας 315, Καλλιφρονάς 182, Κουντουριώτης 319, Κορωναίος 182, Λεβίδης 348, Λέκκας 203, Μαυροκορδάτος 227, Μερκούρης 164, Μουτσόπουλος 351, Νέγρης 276, Παπαγεωργίου 366, Ράλλης 309, Ρετσίνας 255, Σκουλούδης 388, Σούτσος 182, Χρηστοφής 382, Ζαχαρίτσας 277, Σούτσος 113, Ψύλλας 212.

φαΐτης 185, Χοϊδάς 179, Χρηστοφής 150, Ψύλλας 333, Ωριγένης 140.

ΤΜΗΜΑ Δ'
Ναός Αγίας Αικατερίνης

Αγγελόπουλος Αθ. 241, Αγγελόπουλος Κ. 543, Αραδάνιτης 308, Βεζάνης 260, Βουρνάζος 213, Γέροντας 211, Γουναράκης 289, Γουναράκης 496, Δραγούμης 477, Ζαχαρίτσας 336, Ζυγομαλάς 331, Καλλιφρονάς 520, Κανάρης 496, Κοντούς 450, Κορωναίος 165, Λεβίδης Ν. 550, Λεβίδης Π. 184, Λέκκας 479, Λυγγνός 401, Μαυροκορδάτος 439, Μακρυγιάννης 330, Μουτσόπουλος 325, Νέγρης 327, Παπαδιαμάντης 350, Παπαγεωργίου 265, Παπασταύρου 177, Περικλέους 191, Ράλλης 208, Ρετσίνας 305, Σκουζές 303, Σκουλούδης 181, Σούτσος 326, Φλογαΐτης 206, Χοϊδάς 306, Ωριγένης 140.

ΤΜΗΜΑ Ε'
Ναός Αγίου Σπυρίδωνος

Αγγελόπουλος Αθ. 150, Αγγελόπουλος Κ. 269, Αραδάνιτης 173, Βεζάνης 168, Βουρνάζος 149, Γέροντας 100, Γουναράκης 155, Γουναράκης 254, Δραγούμης 268, Ζαχαρίτσας 125, Ζυγομαλάς 207, Καλλιφρονάς 283, Κανάρης 136, Καλλιφρονάς 248, Κορωναίος 218, Λέκκας 304, Λεβίδης Π. 138, Λέκκας 260, Λυγγνός 269, Μακ-Δούαλλ 248, Μακρυγιάννης 157, Μερκούρης 198, Μουτσόπουλος 301, Νέγρης 176, Παπαδιαμάντης 192, Παπαγεωργίου 118, Παπασταύρου 94, Περικλέους 214, Ράλλης 380, Ρετσίνας 198, Σκουζές 319, Σκουλούδης 328, Σούτσος 133, Ψύλλας 315, Φλογαΐτης 153, Χοϊδάς 502, Χρηστοφής 135, Ψύλλας 262, Ωριγένης 124.

ΤΜΗΜΑ ΣΤ'
Γεωργίου Καρύτση

Αγγελόπουλος Αθ. 301, Αγγελόπουλος Κ. 496, Αραδάνιτης 378, Βεζάνης 279, Βουρνάζος 174, Γέροντας 221, Γουναράκης 391, Γουναράκης 554, Δραγούμης 538, Ζαχαρίτσας 337, Ζυγομαλάς 538, Καλλιφρονάς 520, Κανάρης 381, Καλλιφρονάς 481, Κορωναίος 185, Λεβίδης Ν. 576, Λεβίδης Π. 261, Λέκκας 518, Λυγγνός 461, Μακ-Δούαλλ 332, Μακρυγιάννης 176, Μουτσόπουλος 540, Νέγρης 466, Παπαδιαμάντης 477, Παπαγεωργίου 171, Παπασταύρου 113, Περικλέους 192, Ρετσίνας 334, Σκουλούδης 292, Σούτσος 296, Φλογαΐτης 241, Χοϊδάς 262, Χρηστοφής 262, Ψύλλας 303, Ωριγένης 168.

ΤΜΗΜΑ Ζ'
Ναός Χρυσοσπηλαιωτίσσης

Αγγελόπουλος Αθ. 289, Αγγελόπουλος Κ. 534, Αραδάνιτης 375, Βεζάνης 307, Βουρνάζος 243, Γέροντας 271, Γουναράκης 372, Γουναράκης 561, Δραγούμης 546, Ζαχαρίτσας 293, Ζυγομαλάς 559, Καλλιφρονάς 506, Κανάρης 365, Καλλιφρονάς 406, Κορωναίος 218, Λεβίδης Ν. 565, Λεβίδης Π. 199, Λέκκας 492, Λυγγνός 494, Μακ-Δούαλλ 414, Μακρυγιάννης 251, Μουτσόπουλος 567, Νέγρης 494, Παπαδιαμάντης 461, Παπαγεωργίου 270, Παπαδιαμάντης 460, Παπασταύρου 243, Περικλέους 184, Ράλλης 533, Ρετσίνας 542, Σκουζές 486, Σκουλούδης 276, Σούτσος 354, Σούτσος 460, Φλογαΐτης 398, Ψύλλας 212, Χρηστοφής 170, Ψύλλας 262, Ωριγένης 164.

ΤΜΗΜΑ Η'
Ναός Ζωοδόχου Πηγής

Αγγελόπουλος Αθ. 250, Αγγελόπουλος Κ. 335, Αραδάνιτης 395, Βεζάνης 200, Βουρνάζος 208, Γέροντας 228, Γουναράκης 242, Γουναράκης 464, Δραγούμης 435, Καλλιφρονάς 414, Κανάρης 382, Κορωναίος 265, Λεβίδης Ν. 547, Λεβίδης Π. 196, Λέκκας 381, Λυγγνός 386, Μακ-Δούαλλ 414, Μακρυγιάννης 163, Μουτσόπουλος 443, Νέγρης 445, Παπαδιαμάντης 303, Παπαγεωργίου 223, Παπασταύρου 176, Περικλέους 375, Ράλλης 415, Ρετσίνας 356, Σκουζές 467, Σκουλούδης 491, Σκουλούδης 325, Σούτσος 193, Φλογαΐτης 398, Χρηστοφής 255.

ΤΜΗΜΑ Θ'
Ναός Αγ. Νικολάου Ψυχάκιτα

Αγγελόπουλος Αθ. 246, Αγγελόπουλος Κ. 392, Αραδάνιτης 380, Βεζάνης 244, Βουρνάζος 324, Γέροντας 424, Γουναράκης 226, Γουναράκης 424, Δραγούμης 475, Ζαχαρίτσας 248, Ζυγομαλάς 446, Καλλιφρονάς 421, Κανάρης 446, Καλλιφρονάς 381, Κορωναίος 317, Λεβίδης Ν. 481, Λεβίδης Π. 162, Λέκκας 422, Λυγγνός 446, Μακ-Δούαλλ 424, Μακρυγιάννης 342, Μερκούρης 231, Μουτσόπουλος 350, Νέγρης 417, Παπαδιαμάντης 394, Παπαγεωργίου 298, Παπασταύρου 197, Περικλέους 203, Ράλλης 398, Ρετσίνας 424, Σκουζές 395, Σκουλούδης 380, Σούτσος 231, Φλογαΐτης 409, Χοϊδάς 280, Χρηστοφής 195.

ΤΜΗΜΑ Ι'
Ναός Αγίου Διονυσίου

Αγγελόπουλος Αθ. 260, Αγγελόπουλος Κ. 426, Αραδάνιτης 325, Βεζάνης 240, Βουρνάζος 205, Γέροντας 165, Γουναράκης 256, Γουναράκης 481, Δραγούμης 561, Ζαχαρίτσας 270, Ζυγομαλάς 526, Καλλιφρονάς 495, Κανάρης 342, Καλλιφρονάς 536, Κορωναίος 222, Λεβίδης Ν. 545, Λεβίδης Π. 215, Λέκκας 488, Λυγγνός 519, Μακ-Δούαλλ 385, Μακρυγιάννης 324, Μερκούρης 247, Μουτσόπουλος 388, Νέγρης 414, Παπαδιαμάντης 397, Παπαγεωργίου 288, Παπασταύρου 198, Περικλέους 208, Ράλλης 469, Ρετσίνας 387, Σκουζές 368, Σκουλούδης 452, Σούτσος 323, Φλογαΐτης 394, Χοϊδάς 326, Χρηστοφής 203, Ψύλλας 431, Ωριγένης 239.

ΤΜΗΜΑ ΙΑ'
Δημοτ. Σχολείον Καρυτσάνου

Αγγελόπουλος Αθ. 204, Αγγελόπουλος Κ. 345, Αραδάνιτης 234, Βεζάνης 218, Βουρνάζος 303, Γέροντας 138, Γουναράκης 420, Ζαχαρίτσας 225, Δραγούμης 460.
